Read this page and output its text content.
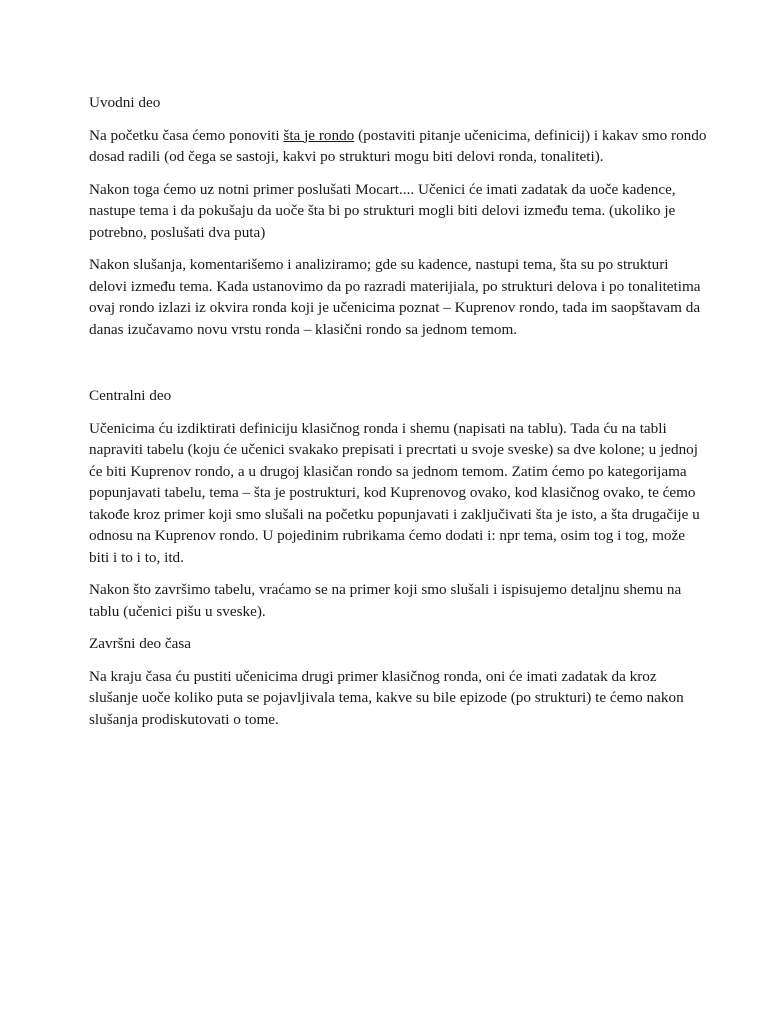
Uvodni deo
Na početku časa ćemo ponoviti šta je rondo (postaviti pitanje učenicima, definicij) i kakav smo rondo dosad radili (od čega se sastoji, kakvi po strukturi mogu biti delovi ronda, tonaliteti).
Nakon toga ćemo uz notni primer poslušati Mocart.... Učenici će imati zadatak da uoče kadence, nastupe tema i da pokušaju da uoče šta bi po strukturi mogli biti delovi između tema. (ukoliko je potrebno, poslušati dva puta)
Nakon slušanja, komentarišemo i analiziramo; gde su kadence, nastupi tema, šta su po strukturi delovi između tema. Kada ustanovimo da po razradi materijiala, po strukturi delova i po tonalitetima ovaj rondo izlazi iz okvira ronda koji je učenicima poznat – Kuprenov rondo, tada im saopštavam da danas izučavamo novu vrstu ronda – klasični rondo sa jednom temom.
Centralni deo
Učenicima ću izdiktirati definiciju klasičnog ronda i shemu (napisati na tablu). Tada ću na tabli napraviti tabelu (koju će učenici svakako prepisati i precrtati u svoje sveske) sa dve kolone; u jednoj će biti Kuprenov rondo, a u drugoj klasičan rondo sa jednom temom. Zatim ćemo po kategorijama popunjavati tabelu, tema – šta je postrukturi, kod Kuprenovog ovako, kod klasičnog ovako, te ćemo takođe kroz primer koji smo slušali na početku popunjavati i zaključivati šta je isto, a šta drugačije u odnosu na Kuprenov rondo. U pojedinim rubrikama ćemo dodati i: npr tema, osim tog i tog, može biti i to i to, itd.
Nakon što završimo tabelu, vraćamo se na primer koji smo slušali i ispisujemo detaljnu shemu na tablu (učenici pišu u sveske).
Završni deo časa
Na kraju časa ću pustiti učenicima drugi primer klasičnog ronda, oni će imati zadatak da kroz slušanje uoče koliko puta se pojavljivala tema, kakve su bile epizode (po strukturi) te ćemo nakon slušanja prodiskutovati o tome.
